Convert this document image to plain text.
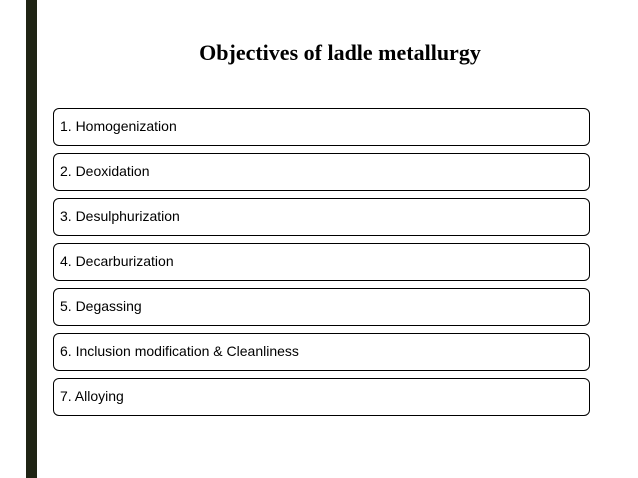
Objectives of ladle metallurgy
1. Homogenization
2. Deoxidation
3. Desulphurization
4. Decarburization
5. Degassing
6. Inclusion modification & Cleanliness
7. Alloying
